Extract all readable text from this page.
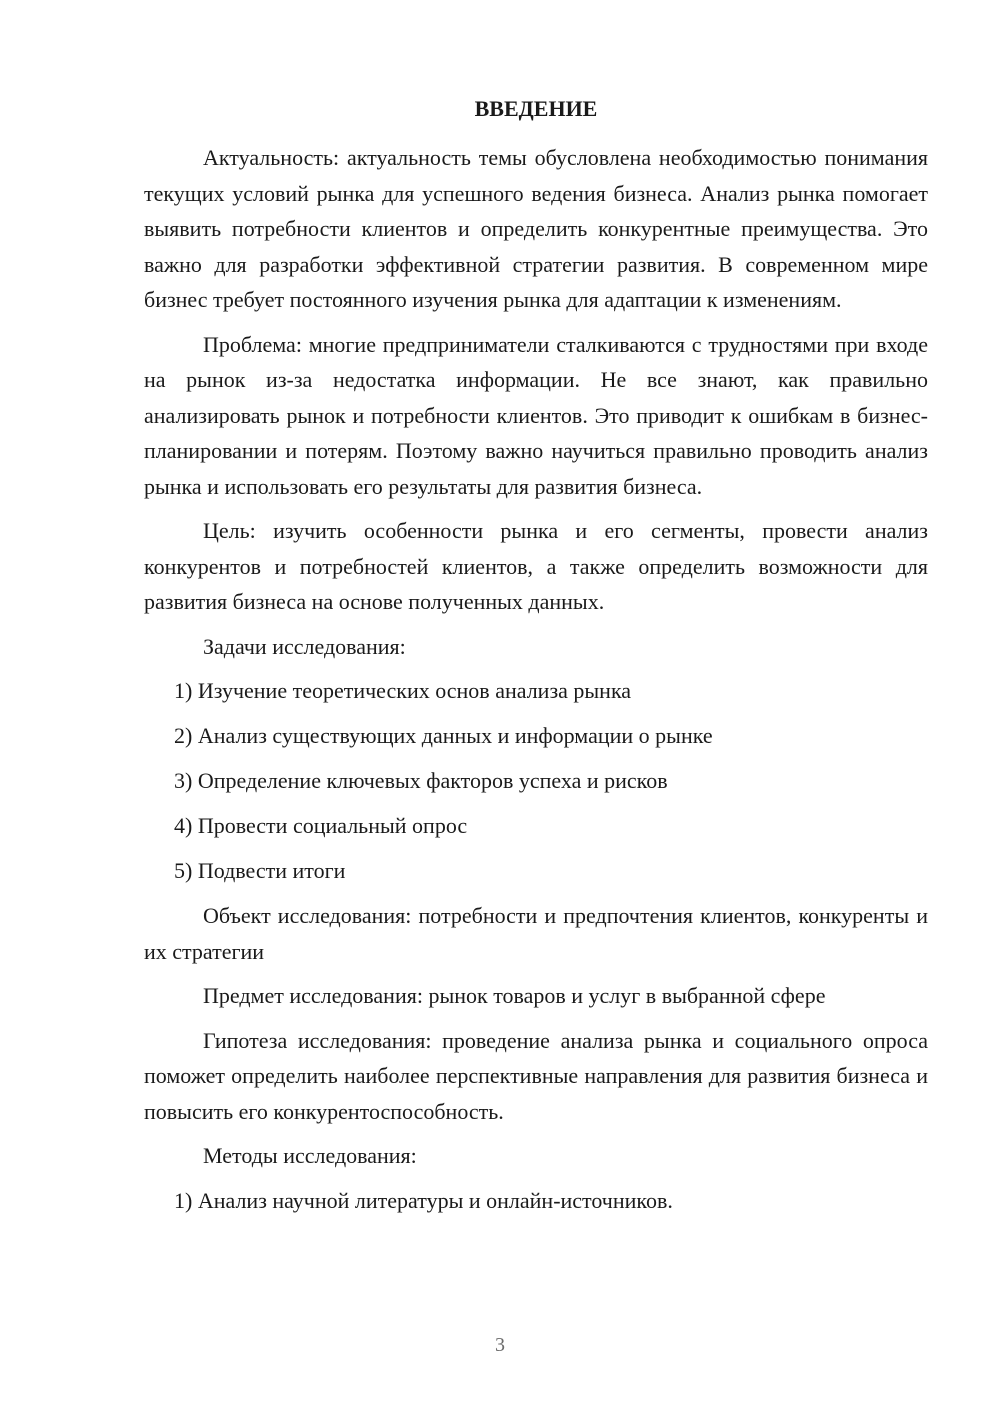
ВВЕДЕНИЕ

Актуальность: актуальность темы обусловлена необходимостью понимания текущих условий рынка для успешного ведения бизнеса. Анализ рынка помогает выявить потребности клиентов и определить конкурентные преимущества. Это важно для разработки эффективной стратегии развития. В современном мире бизнес требует постоянного изучения рынка для адаптации к изменениям.

Проблема: многие предприниматели сталкиваются с трудностями при входе на рынок из-за недостатка информации. Не все знают, как правильно анализировать рынок и потребности клиентов. Это приводит к ошибкам в бизнес-планировании и потерям. Поэтому важно научиться правильно проводить анализ рынка и использовать его результаты для развития бизнеса.

Цель: изучить особенности рынка и его сегменты, провести анализ конкурентов и потребностей клиентов, а также определить возможности для развития бизнеса на основе полученных данных.

Задачи исследования:

1) Изучение теоретических основ анализа рынка
2) Анализ существующих данных и информации о рынке
3) Определение ключевых факторов успеха и рисков
4) Провести социальный опрос
5) Подвести итоги

Объект исследования: потребности и предпочтения клиентов, конкуренты и их стратегии

Предмет исследования: рынок товаров и услуг в выбранной сфере

Гипотеза исследования: проведение анализа рынка и социального опроса поможет определить наиболее перспективные направления для развития бизнеса и повысить его конкурентоспособность.

Методы исследования:

1) Анализ научной литературы и онлайн-источников.
3
